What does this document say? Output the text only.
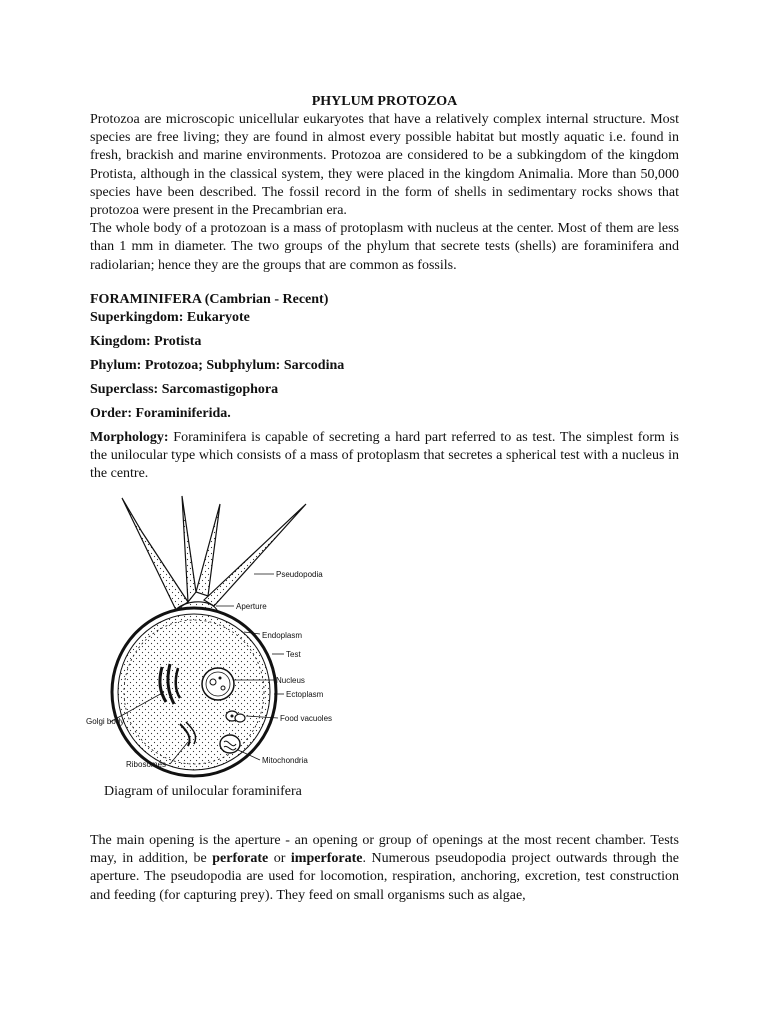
PHYLUM PROTOZOA

Protozoa are microscopic unicellular eukaryotes that have a relatively complex internal structure. Most species are free living; they are found in almost every possible habitat but mostly aquatic i.e. found in fresh, brackish and marine environments. Protozoa are considered to be a subkingdom of the kingdom Protista, although in the classical system, they were placed in the kingdom Animalia. More than 50,000 species have been described. The fossil record in the form of shells in sedimentary rocks shows that protozoa were present in the Precambrian era.

The whole body of a protozoan is a mass of protoplasm with nucleus at the center. Most of them are less than 1 mm in diameter. The two groups of the phylum that secrete tests (shells) are foraminifera and radiolarian; hence they are the groups that are common as fossils.

FORAMINIFERA (Cambrian - Recent)

Superkingdom: Eukaryote

Kingdom: Protista

Phylum: Protozoa; Subphylum: Sarcodina

Superclass: Sarcomastigophora

Order: Foraminiferida.

Morphology: Foraminifera is capable of secreting a hard part referred to as test. The simplest form is the unilocular type which consists of a mass of protoplasm that secretes a spherical test with a nucleus in the centre.

Pseudopodia
Aperture
Endoplasm
Test
Nucleus
Ectoplasm
Food vacuoles
Golgi body
Ribosomes	Mitochondria
Diagram of unilocular foraminifera

The main opening is the aperture - an opening or group of openings at the most recent chamber. Tests may, in addition, be perforate or imperforate. Numerous pseudopodia project outwards through the aperture. The pseudopodia are used for locomotion, respiration, anchoring, excretion, test construction and feeding (for capturing prey). They feed on small organisms such as algae,
